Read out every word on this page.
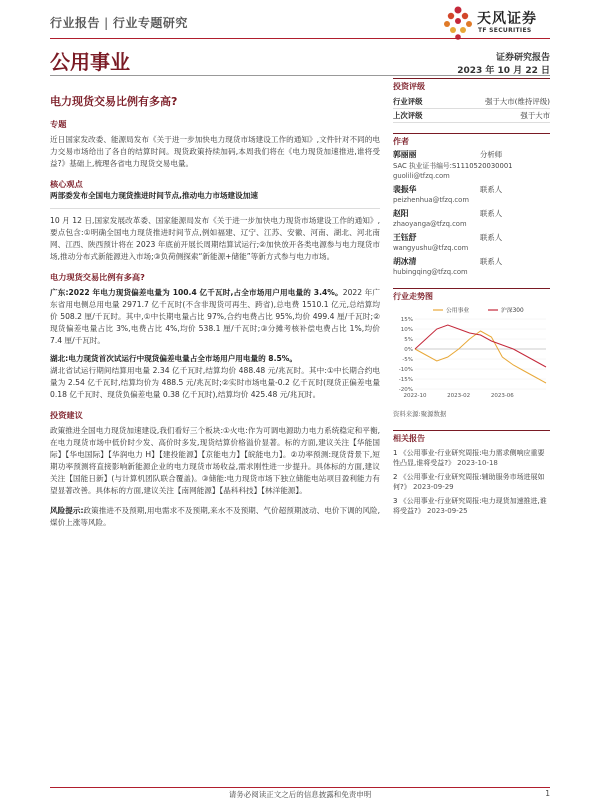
行业报告 | 行业专题研究	天风证券
TF SECURITIES
公用事业	证券研究报告
2023 年 10 月 22 日
电力现货交易比例有多高?
专题

近日国家发改委、能源局发布《关于进一步加快电力现货市场建设工作的通知》,文件针对不同的电力交易市场给出了各自的结算时间。现货政策持续加码,本周我们将在《电力现货加速推进,谁将受益?》基础上,梳理各省电力现货交易电量。

核心观点

两部委发布全国电力现货推进时间节点,推动电力市场建设加速

10 月 12 日,国家发展改革委、国家能源局发布《关于进一步加快电力现货市场建设工作的通知》,要点包含:①明确全国电力现货推进时间节点,例如福建、辽宁、江苏、安徽、河南、湖北、河北南网、江西、陕西预计将在 2023 年底前开展长周期结算试运行;②加快放开各类电源参与电力现货市场,推动分布式新能源进入市场;③负荷侧探索“新能源+储能”等新方式参与电力市场。

电力现货交易比例有多高?

广东:2022 年电力现货偏差电量为 100.4 亿千瓦时,占全市场用户用电量的 3.4%。2022 年广东省用电侧总用电量 2971.7 亿千瓦时(不含非现货可再生、跨省),总电费 1510.1 亿元,总结算均价 508.2 厘/千瓦时。其中,①中长期电量占比 97%,合约电费占比 95%,均价 499.4 厘/千瓦时;②现货偏差电量占比 3%,电费占比 4%,均价 538.1 厘/千瓦时;③分摊考核补偿电费占比 1%,均价 7.4 厘/千瓦时。

湖北:电力现货首次试运行中现货偏差电量占全市场用户用电量的 8.5%。

湖北省试运行期间结算用电量 2.34 亿千瓦时,结算均价 488.48 元/兆瓦时。其中:①中长期合约电量为 2.54 亿千瓦时,结算均价为 488.5 元/兆瓦时;②实时市场电量-0.2 亿千瓦时(现货正偏差电量 0.18 亿千瓦时、现货负偏差电量 0.38 亿千瓦时),结算均价 425.48 元/兆瓦时。

投资建议

政策推进全国电力现货加速建设,我们看好三个板块:①火电:作为可调电源助力电力系统稳定和平衡,在电力现货市场中低价时少发、高价时多发,现货结算价格溢价显著。标的方面,建议关注【华能国际】【华电国际】【华润电力 H】【建投能源】【京能电力】【皖能电力】。②功率预测:现货背景下,短期功率预测将直接影响新能源企业的电力现货市场收益,需求刚性进一步提升。具体标的方面,建议关注【国能日新】(与计算机团队联合覆盖)。③储能:电力现货市场下独立储能电站项目盈利能力有望显著改善。具体标的方面,建议关注【南网能源】【晶科科技】【林洋能源】。

风险提示:政策推进不及预期,用电需求不及预期,来水不及预期、气价超预期波动、电价下调的风险,煤价上涨等风险。

投资评级
行业评级	强于大市(维持评级)
上次评级	强于大市
作者
郭丽丽	分析师
SAC 执业证书编号:S1110520030001
guolili@tfzq.com
裴振华	联系人
peizhenhua@tfzq.com
赵阳	联系人
zhaoyanga@tfzq.com
王钰舒	联系人
wangyushu@tfzq.com
胡冰清	联系人
hubingqing@tfzq.com
行业走势图
15%
10%
5%
0%
-5%
-10%
-15%
-20%
2022-10	2023-02	2023-06
公用事业	沪深300
资料来源:聚源数据
相关报告
1 《公用事业-行业研究周报:电力需求侧响应重要性凸显,谁将受益?》 2023-10-18
2 《公用事业-行业研究周报:辅助服务市场进展如何?》 2023-09-29
3 《公用事业-行业研究周报:电力现货加速推进,谁将受益?》 2023-09-25
请务必阅读正文之后的信息披露和免责申明	1
